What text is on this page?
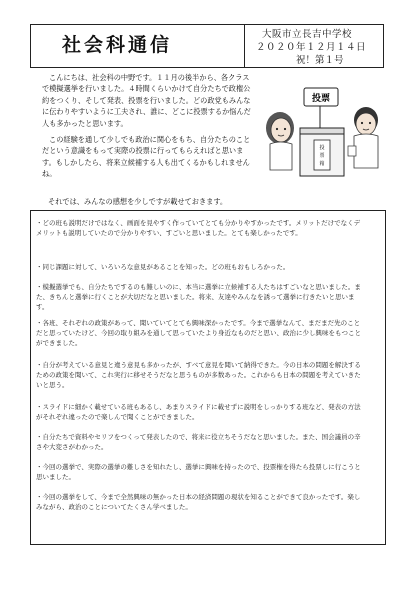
社会科通信	大阪市立長吉中学校
２０２０年１２月１４日
祝！第１号

こんにちは、社会科の中野です。１１月の後半から、各クラスで模擬選挙を行いました。４時間くらいかけて自分たちで政権公約をつくり、そして発表、投票を行いました。どの政党もみんなに伝わりやすいように工夫され、誰に、どこに投票するか悩んだ人も多かったと思います。

この経験を通して少しでも政治に関心をもち、自分たちのことだという意識をもって実際の投票に行ってもらえればと思います。もしかしたら、将来立候補する人も出てくるかもしれませんね。

それでは、みんなの感想を少しですが載せておきます。
投
票
箱
投票
・どの班も説明だけではなく、画面を見やすく作っていてとても分かりやすかったです。メリットだけでなくデメリットも説明していたので分かりやすい、すごいと思いました。とても楽しかったです。
・同じ課題に対して、いろいろな意見があることを知った。どの班もおもしろかった。
・模擬選挙でも、自分たちでするのも難しいのに、本当に選挙に立候補する人たちはすごいなと思いました。また、きちんと選挙に行くことが大切だなと思いました。将来、友達やみんなを誘って選挙に行きたいと思います。
・各班、それぞれの政策があって、聞いていてとても興味深かったです。今まで選挙なんて、まだまだ先のことだと思っていたけど、今回の取り組みを通して思っていたより身近なものだと思い、政治に少し興味をもつことができました。
・自分が考えている意見と違う意見も多かったが、すべて意見を聞いて納得できた。今の日本の問題を解決するための政策を聞いて、これ実行に移せそうだなと思うものが多数あった。これからも日本の問題を考えていきたいと思う。
・スライドに細かく載せている班もあるし、あまりスライドに載せずに説明をしっかりする班など、発表の方法がそれぞれ違ったので楽しんで聞くことができました。
・自分たちで資料やセリフをつくって発表したので、将来に役立ちそうだなと思いました。また、国会議員の辛さや大変さがわかった。
・今回の選挙で、実際の選挙の難しさを知れたし、選挙に興味を持ったので、投票権を得たら投票しに行こうと思いました。
・今回の選挙をして、今まで全然興味の無かった日本の経済問題の現状を知ることができて良かったです。楽しみながら、政治のことについてたくさん学べました。
